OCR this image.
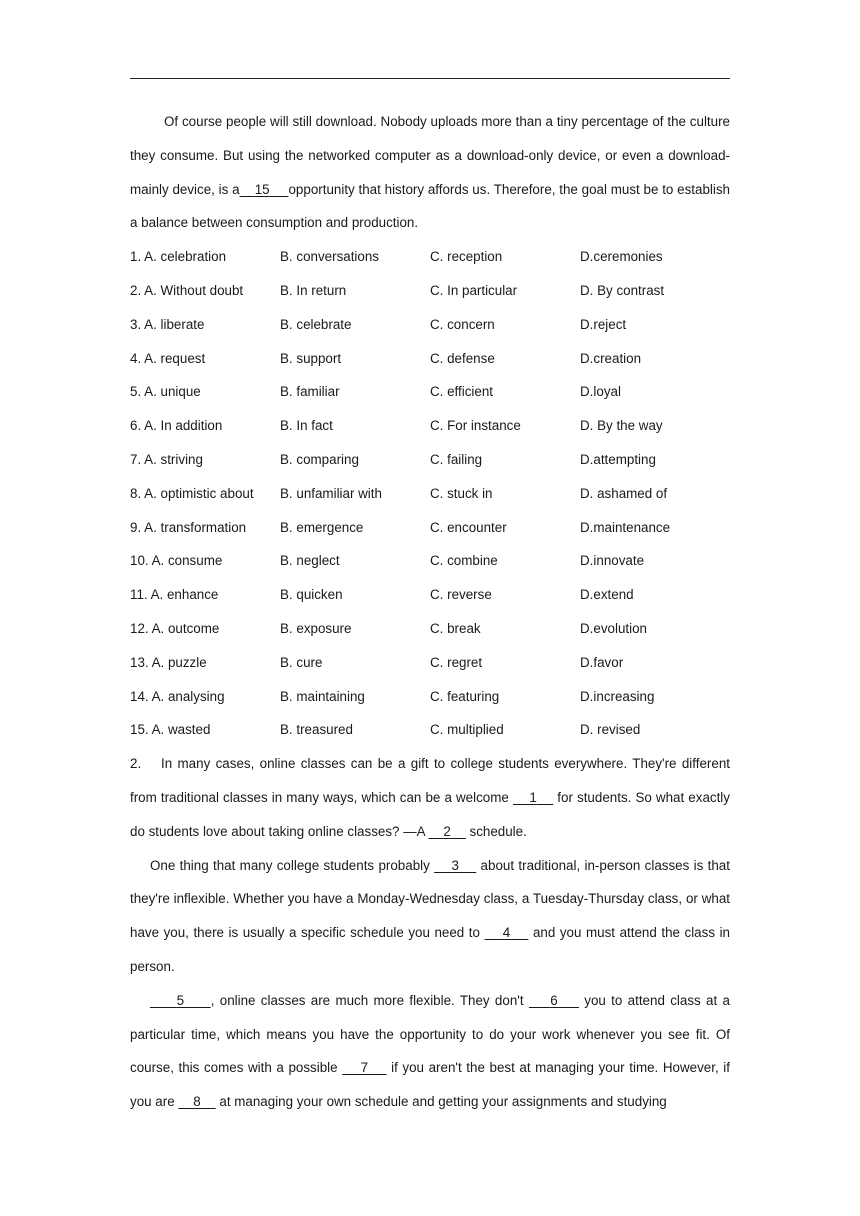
Of course people will still download. Nobody uploads more than a tiny percentage of the culture they consume. But using the networked computer as a download-only device, or even a download-mainly device, is a 15 opportunity that history affords us. Therefore, the goal must be to establish a balance between consumption and production.

1. A. celebration	B. conversations	C. reception	D.ceremonies
2. A. Without doubt	B. In return	C. In particular	D. By contrast
3. A. liberate	B. celebrate	C. concern	D.reject
4. A. request	B. support	C. defense	D.creation
5. A. unique	B. familiar	C. efficient	D.loyal
6. A. In addition	B. In fact	C. For instance	D. By the way
7. A. striving	B. comparing	C. failing	D.attempting
8. A. optimistic about	B. unfamiliar with	C. stuck in	D. ashamed of
9. A. transformation	B. emergence	C. encounter	D.maintenance
10. A. consume	B. neglect	C. combine	D.innovate
11. A. enhance	B. quicken	C. reverse	D.extend
12. A. outcome	B. exposure	C. break	D.evolution
13. A. puzzle	B. cure	C. regret	D.favor
14. A. analysing	B. maintaining	C. featuring	D.increasing
15. A. wasted	B. treasured	C. multiplied	D. revised

2. In many cases, online classes can be a gift to college students everywhere. They're different from traditional classes in many ways, which can be a welcome 1 for students. So what exactly do students love about taking online classes? —A 2 schedule.

One thing that many college students probably 3 about traditional, in-person classes is that they're inflexible. Whether you have a Monday-Wednesday class, a Tuesday-Thursday class, or what have you, there is usually a specific schedule you need to 4 and you must attend the class in person.

5 , online classes are much more flexible. They don't 6 you to attend class at a particular time, which means you have the opportunity to do your work whenever you see fit. Of course, this comes with a possible 7 if you aren't the best at managing your time. However, if you are 8 at managing your own schedule and getting your assignments and studying
